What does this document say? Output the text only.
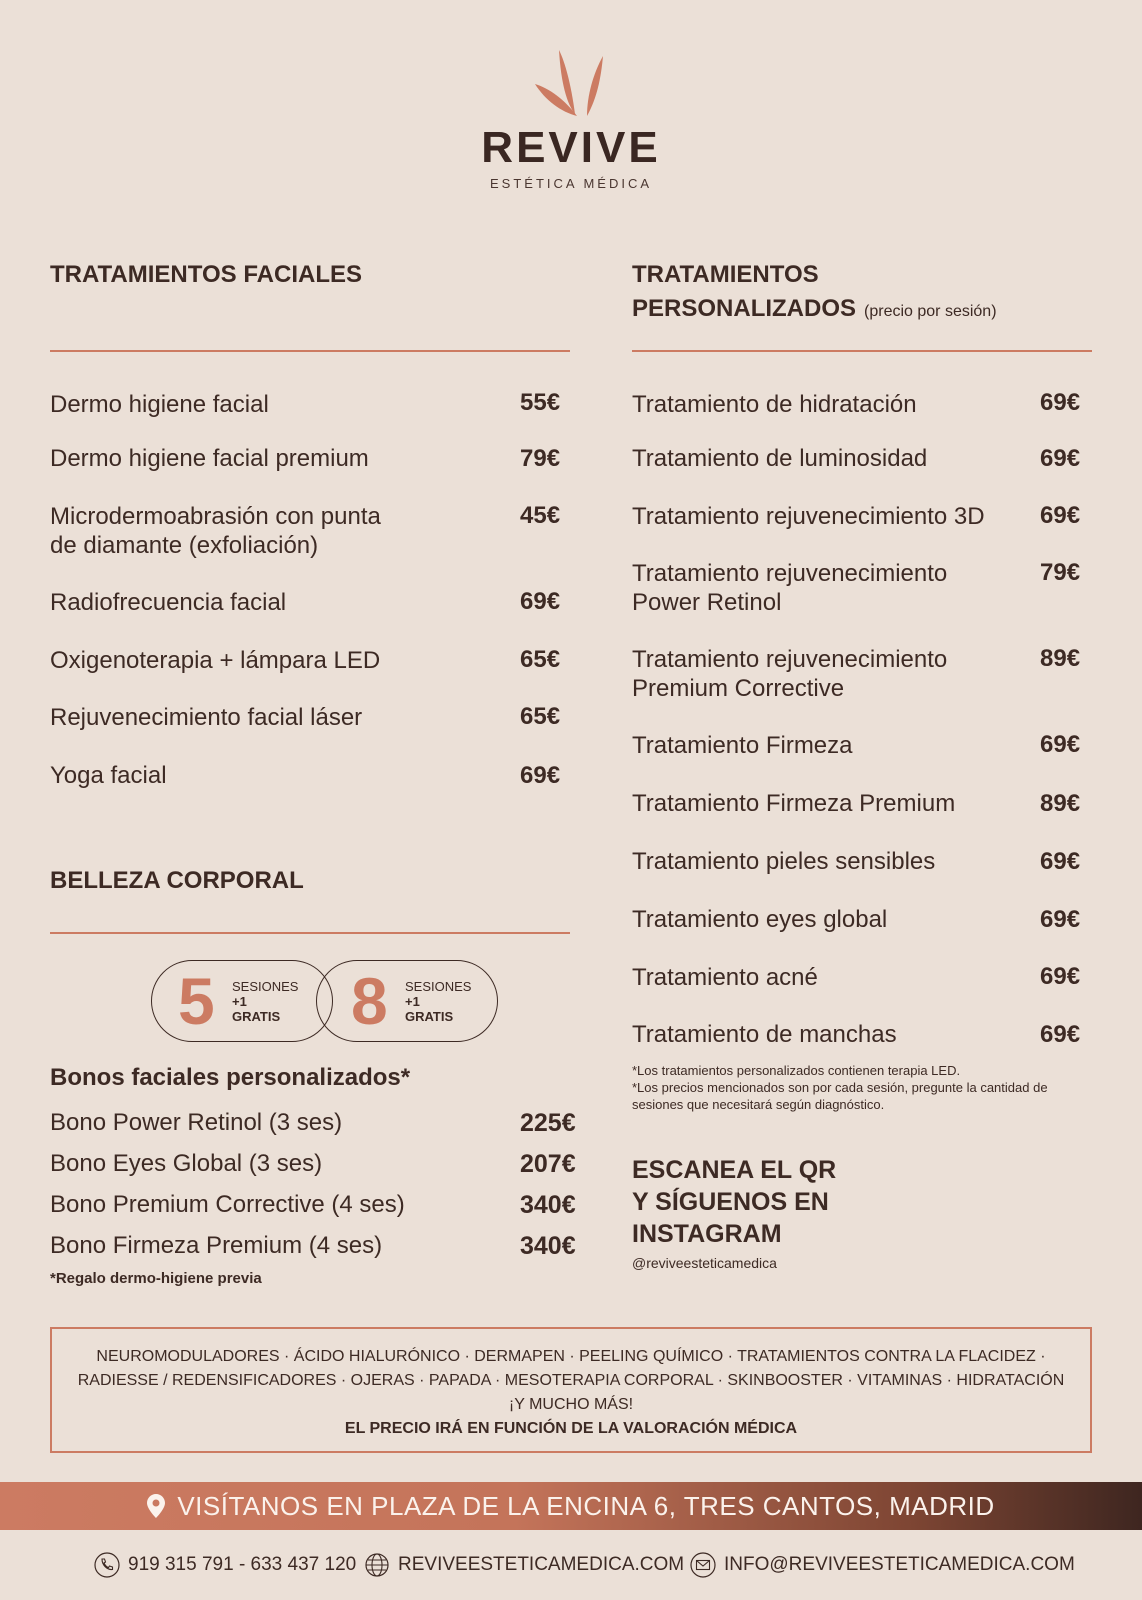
REVIVE
ESTÉTICA MÉDICA
TRATAMIENTOS FACIALES
Dermo higiene facial	55€
Dermo higiene facial premium	79€
Microdermoabrasión con punta
de diamante (exfoliación)
45€
Radiofrecuencia facial	69€
Oxigenoterapia + lámpara LED	65€
Rejuvenecimiento facial láser	65€
Yoga facial	69€
BELLEZA CORPORAL
5 SESIONES
+1
GRATIS 8 SESIONES
+1
GRATIS
Bonos faciales personalizados*
Bono Power Retinol (3 ses)	225€
Bono Eyes Global (3 ses)	207€
Bono Premium Corrective (4 ses)	340€
Bono Firmeza Premium (4 ses)	340€
*Regalo dermo-higiene previa
TRATAMIENTOS
PERSONALIZADOS (precio por sesión)
Tratamiento de hidratación	69€
Tratamiento de luminosidad	69€
Tratamiento rejuvenecimiento 3D 69€
Tratamiento rejuvenecimiento
Power Retinol
79€
Tratamiento rejuvenecimiento
Premium Corrective
89€
Tratamiento Firmeza	69€
Tratamiento Firmeza Premium	89€
Tratamiento pieles sensibles	69€
Tratamiento eyes global	69€
Tratamiento acné	69€
Tratamiento de manchas	69€
*Los tratamientos personalizados contienen terapia LED.
*Los precios mencionados son por cada sesión, pregunte la cantidad de
sesiones que necesitará según diagnóstico.
ESCANEA EL QR
Y SÍGUENOS EN
INSTAGRAM
@reviveesteticamedica
NEUROMODULADORES · ÁCIDO HIALURÓNICO · DERMAPEN · PEELING QUÍMICO · TRATAMIENTOS CONTRA LA FLACIDEZ ·
RADIESSE / REDENSIFICADORES · OJERAS · PAPADA · MESOTERAPIA CORPORAL · SKINBOOSTER · VITAMINAS · HIDRATACIÓN
¡Y MUCHO MÁS!
EL PRECIO IRÁ EN FUNCIÓN DE LA VALORACIÓN MÉDICA
VISÍTANOS EN PLAZA DE LA ENCINA 6, TRES CANTOS, MADRID
919 315 791 - 633 437 120 REVIVEESTETICAMEDICA.COM INFO@REVIVEESTETICAMEDICA.COM
